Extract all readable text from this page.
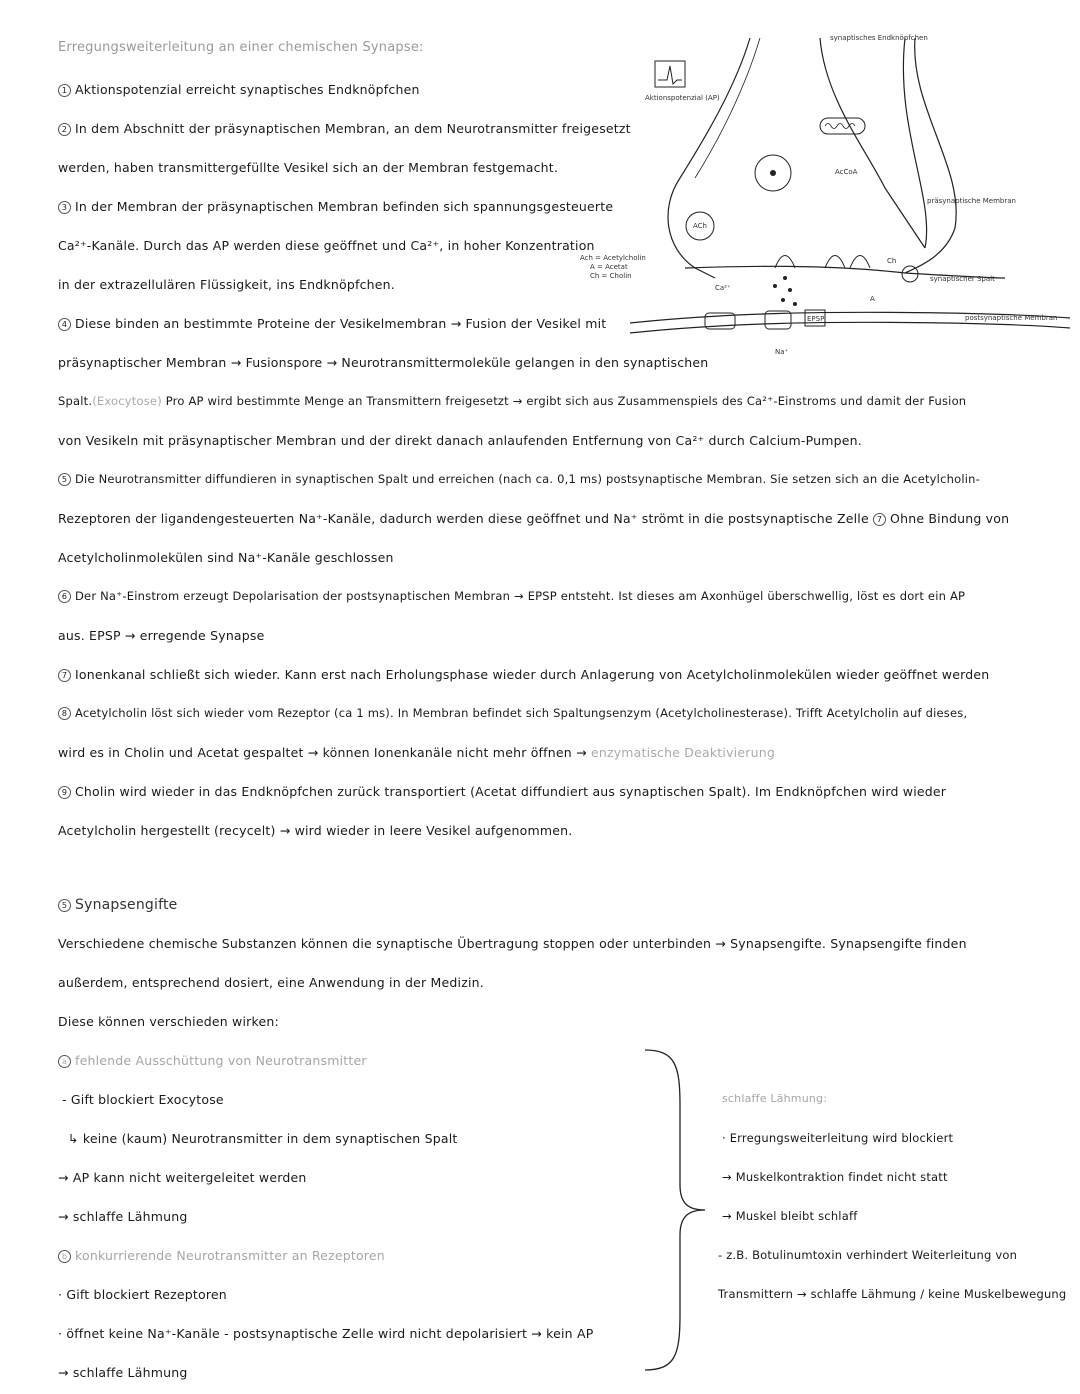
Erregungsweiterleitung an einer chemischen Synapse:
1 Aktionspotenzial erreicht synaptisches Endknöpfchen
2 In dem Abschnitt der präsynaptischen Membran, an dem Neurotransmitter freigesetzt
werden, haben transmittergefüllte Vesikel sich an der Membran festgemacht.
3 In der Membran der präsynaptischen Membran befinden sich spannungsgesteuerte
Ca²⁺-Kanäle. Durch das AP werden diese geöffnet und Ca²⁺, in hoher Konzentration
in der extrazellulären Flüssigkeit, ins Endknöpfchen.
4 Diese binden an bestimmte Proteine der Vesikelmembran → Fusion der Vesikel mit
präsynaptischer Membran → Fusionspore → Neurotransmittermoleküle gelangen in den synaptischen
Spalt.(Exocytose) Pro AP wird bestimmte Menge an Transmittern freigesetzt → ergibt sich aus Zusammenspiels des Ca²⁺-Einstroms und damit der Fusion
von Vesikeln mit präsynaptischer Membran und der direkt danach anlaufenden Entfernung von Ca²⁺ durch Calcium-Pumpen.
5 Die Neurotransmitter diffundieren in synaptischen Spalt und erreichen (nach ca. 0,1 ms) postsynaptische Membran. Sie setzen sich an die Acetylcholin-
Rezeptoren der ligandengesteuerten Na⁺-Kanäle, dadurch werden diese geöffnet und Na⁺ strömt in die postsynaptische Zelle 7 Ohne Bindung von
Acetylcholinmolekülen sind Na⁺-Kanäle geschlossen
6 Der Na⁺-Einstrom erzeugt Depolarisation der postsynaptischen Membran → EPSP entsteht. Ist dieses am Axonhügel überschwellig, löst es dort ein AP
aus. EPSP → erregende Synapse
7 Ionenkanal schließt sich wieder. Kann erst nach Erholungsphase wieder durch Anlagerung von Acetylcholinmolekülen wieder geöffnet werden
8 Acetylcholin löst sich wieder vom Rezeptor (ca 1 ms). In Membran befindet sich Spaltungsenzym (Acetylcholinesterase). Trifft Acetylcholin auf dieses,
wird es in Cholin und Acetat gespaltet → können Ionenkanäle nicht mehr öffnen → enzymatische Deaktivierung
9 Cholin wird wieder in das Endknöpfchen zurück transportiert (Acetat diffundiert aus synaptischen Spalt). Im Endknöpfchen wird wieder
Acetylcholin hergestellt (recycelt) → wird wieder in leere Vesikel aufgenommen.
Aktionspotenzial (AP)
synaptisches Endknöpfchen
AcCoA
ACh
EPSP
Na⁺
Ca²⁺
Ch
A
Ach = Acetylcholin
A = Acetat
Ch = Cholin
präsynaptische Membran
synaptischer Spalt
postsynaptische Membran
5 Synapsengifte
Verschiedene chemische Substanzen können die synaptische Übertragung stoppen oder unterbinden → Synapsengifte. Synapsengifte finden
außerdem, entsprechend dosiert, eine Anwendung in der Medizin.
Diese können verschieden wirken:
a fehlende Ausschüttung von Neurotransmitter
- Gift blockiert Exocytose
↳ keine (kaum) Neurotransmitter in dem synaptischen Spalt
→ AP kann nicht weitergeleitet werden
→ schlaffe Lähmung
b konkurrierende Neurotransmitter an Rezeptoren
· Gift blockiert Rezeptoren
· öffnet keine Na⁺-Kanäle - postsynaptische Zelle wird nicht depolarisiert → kein AP
→ schlaffe Lähmung
schlaffe Lähmung:
· Erregungsweiterleitung wird blockiert
→ Muskelkontraktion findet nicht statt
→ Muskel bleibt schlaff
- z.B. Botulinumtoxin verhindert Weiterleitung von
Transmittern → schlaffe Lähmung / keine Muskelbewegung
